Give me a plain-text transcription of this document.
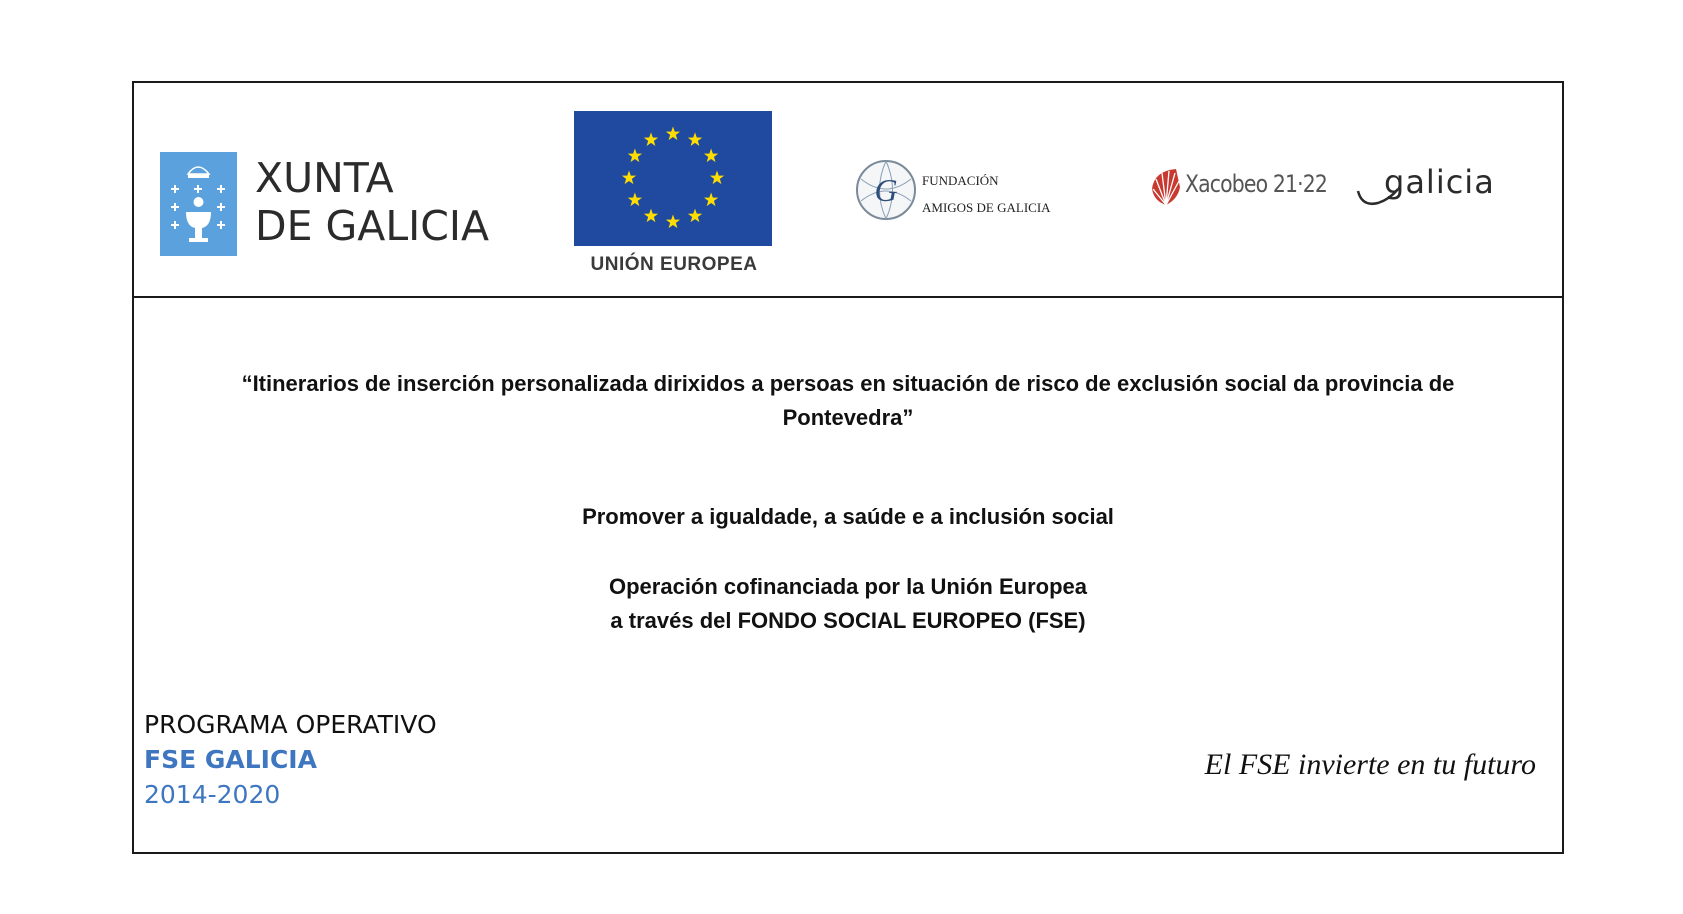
XUNTA
DE GALICIA
UNIÓN EUROPEA
G FUNDACIÓN
AMIGOS DE GALICIA
Xacobeo 21·22 galicia
“Itinerarios de inserción personalizada dirixidos a persoas en situación de risco de exclusión social da provincia de Pontevedra”
Promover a igualdade, a saúde e a inclusión social
Operación cofinanciada por la Unión Europea
a través del FONDO SOCIAL EUROPEO (FSE)
PROGRAMA OPERATIVO
FSE GALICIA
2014-2020
El FSE invierte en tu futuro
